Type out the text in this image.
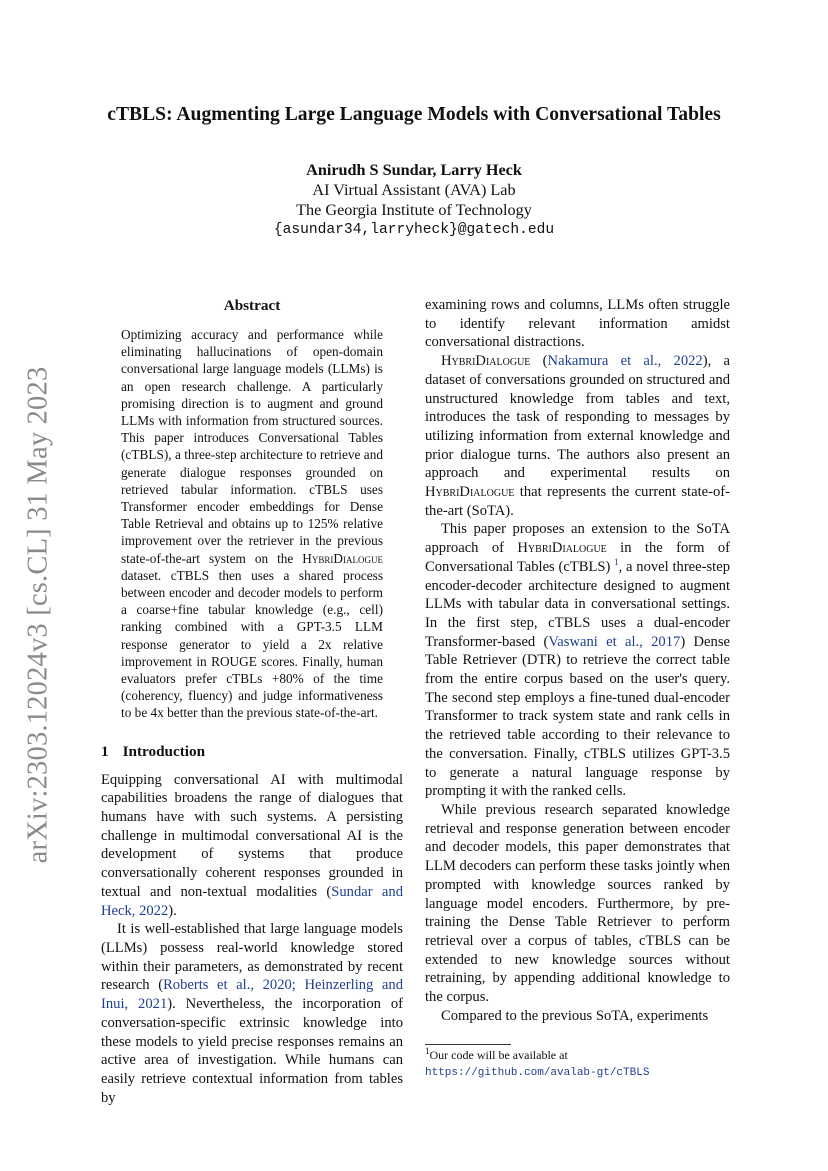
arXiv:2303.12024v3 [cs.CL] 31 May 2023
cTBLS: Augmenting Large Language Models with Conversational Tables
Anirudh S Sundar, Larry Heck
AI Virtual Assistant (AVA) Lab
The Georgia Institute of Technology
{asundar34,larryheck}@gatech.edu
Abstract
Optimizing accuracy and performance while eliminating hallucinations of open-domain conversational large language models (LLMs) is an open research challenge. A particularly promising direction is to augment and ground LLMs with information from structured sources. This paper introduces Conversational Tables (cTBLS), a three-step architecture to retrieve and generate dialogue responses grounded on retrieved tabular information. cTBLS uses Transformer encoder embeddings for Dense Table Retrieval and obtains up to 125% relative improvement over the retriever in the previous state-of-the-art system on the HybriDialogue dataset. cTBLS then uses a shared process between encoder and decoder models to perform a coarse+fine tabular knowledge (e.g., cell) ranking combined with a GPT-3.5 LLM response generator to yield a 2x relative improvement in ROUGE scores. Finally, human evaluators prefer cTBLs +80% of the time (coherency, fluency) and judge informativeness to be 4x better than the previous state-of-the-art.
1 Introduction

Equipping conversational AI with multimodal capabilities broadens the range of dialogues that humans have with such systems. A persisting challenge in multimodal conversational AI is the development of systems that produce conversationally coherent responses grounded in textual and non-textual modalities (Sundar and Heck, 2022).

It is well-established that large language models (LLMs) possess real-world knowledge stored within their parameters, as demonstrated by recent research (Roberts et al., 2020; Heinzerling and Inui, 2021). Nevertheless, the incorporation of conversation-specific extrinsic knowledge into these models to yield precise responses remains an active area of investigation. While humans can easily retrieve contextual information from tables by

examining rows and columns, LLMs often struggle to identify relevant information amidst conversational distractions.

HybriDialogue (Nakamura et al., 2022), a dataset of conversations grounded on structured and unstructured knowledge from tables and text, introduces the task of responding to messages by utilizing information from external knowledge and prior dialogue turns. The authors also present an approach and experimental results on HybriDialogue that represents the current state-of-the-art (SoTA).

This paper proposes an extension to the SoTA approach of HybriDialogue in the form of Conversational Tables (cTBLS) $^1$, a novel three-step encoder-decoder architecture designed to augment LLMs with tabular data in conversational settings. In the first step, cTBLS uses a dual-encoder Transformer-based (Vaswani et al., 2017) Dense Table Retriever (DTR) to retrieve the correct table from the entire corpus based on the user's query. The second step employs a fine-tuned dual-encoder Transformer to track system state and rank cells in the retrieved table according to their relevance to the conversation. Finally, cTBLS utilizes GPT-3.5 to generate a natural language response by prompting it with the ranked cells.

While previous research separated knowledge retrieval and response generation between encoder and decoder models, this paper demonstrates that LLM decoders can perform these tasks jointly when prompted with knowledge sources ranked by language model encoders. Furthermore, by pre-training the Dense Table Retriever to perform retrieval over a corpus of tables, cTBLS can be extended to new knowledge sources without retraining, by appending additional knowledge to the corpus.

Compared to the previous SoTA, experiments

$^1$Our code will be available at https://github.com/avalab-gt/cTBLS
